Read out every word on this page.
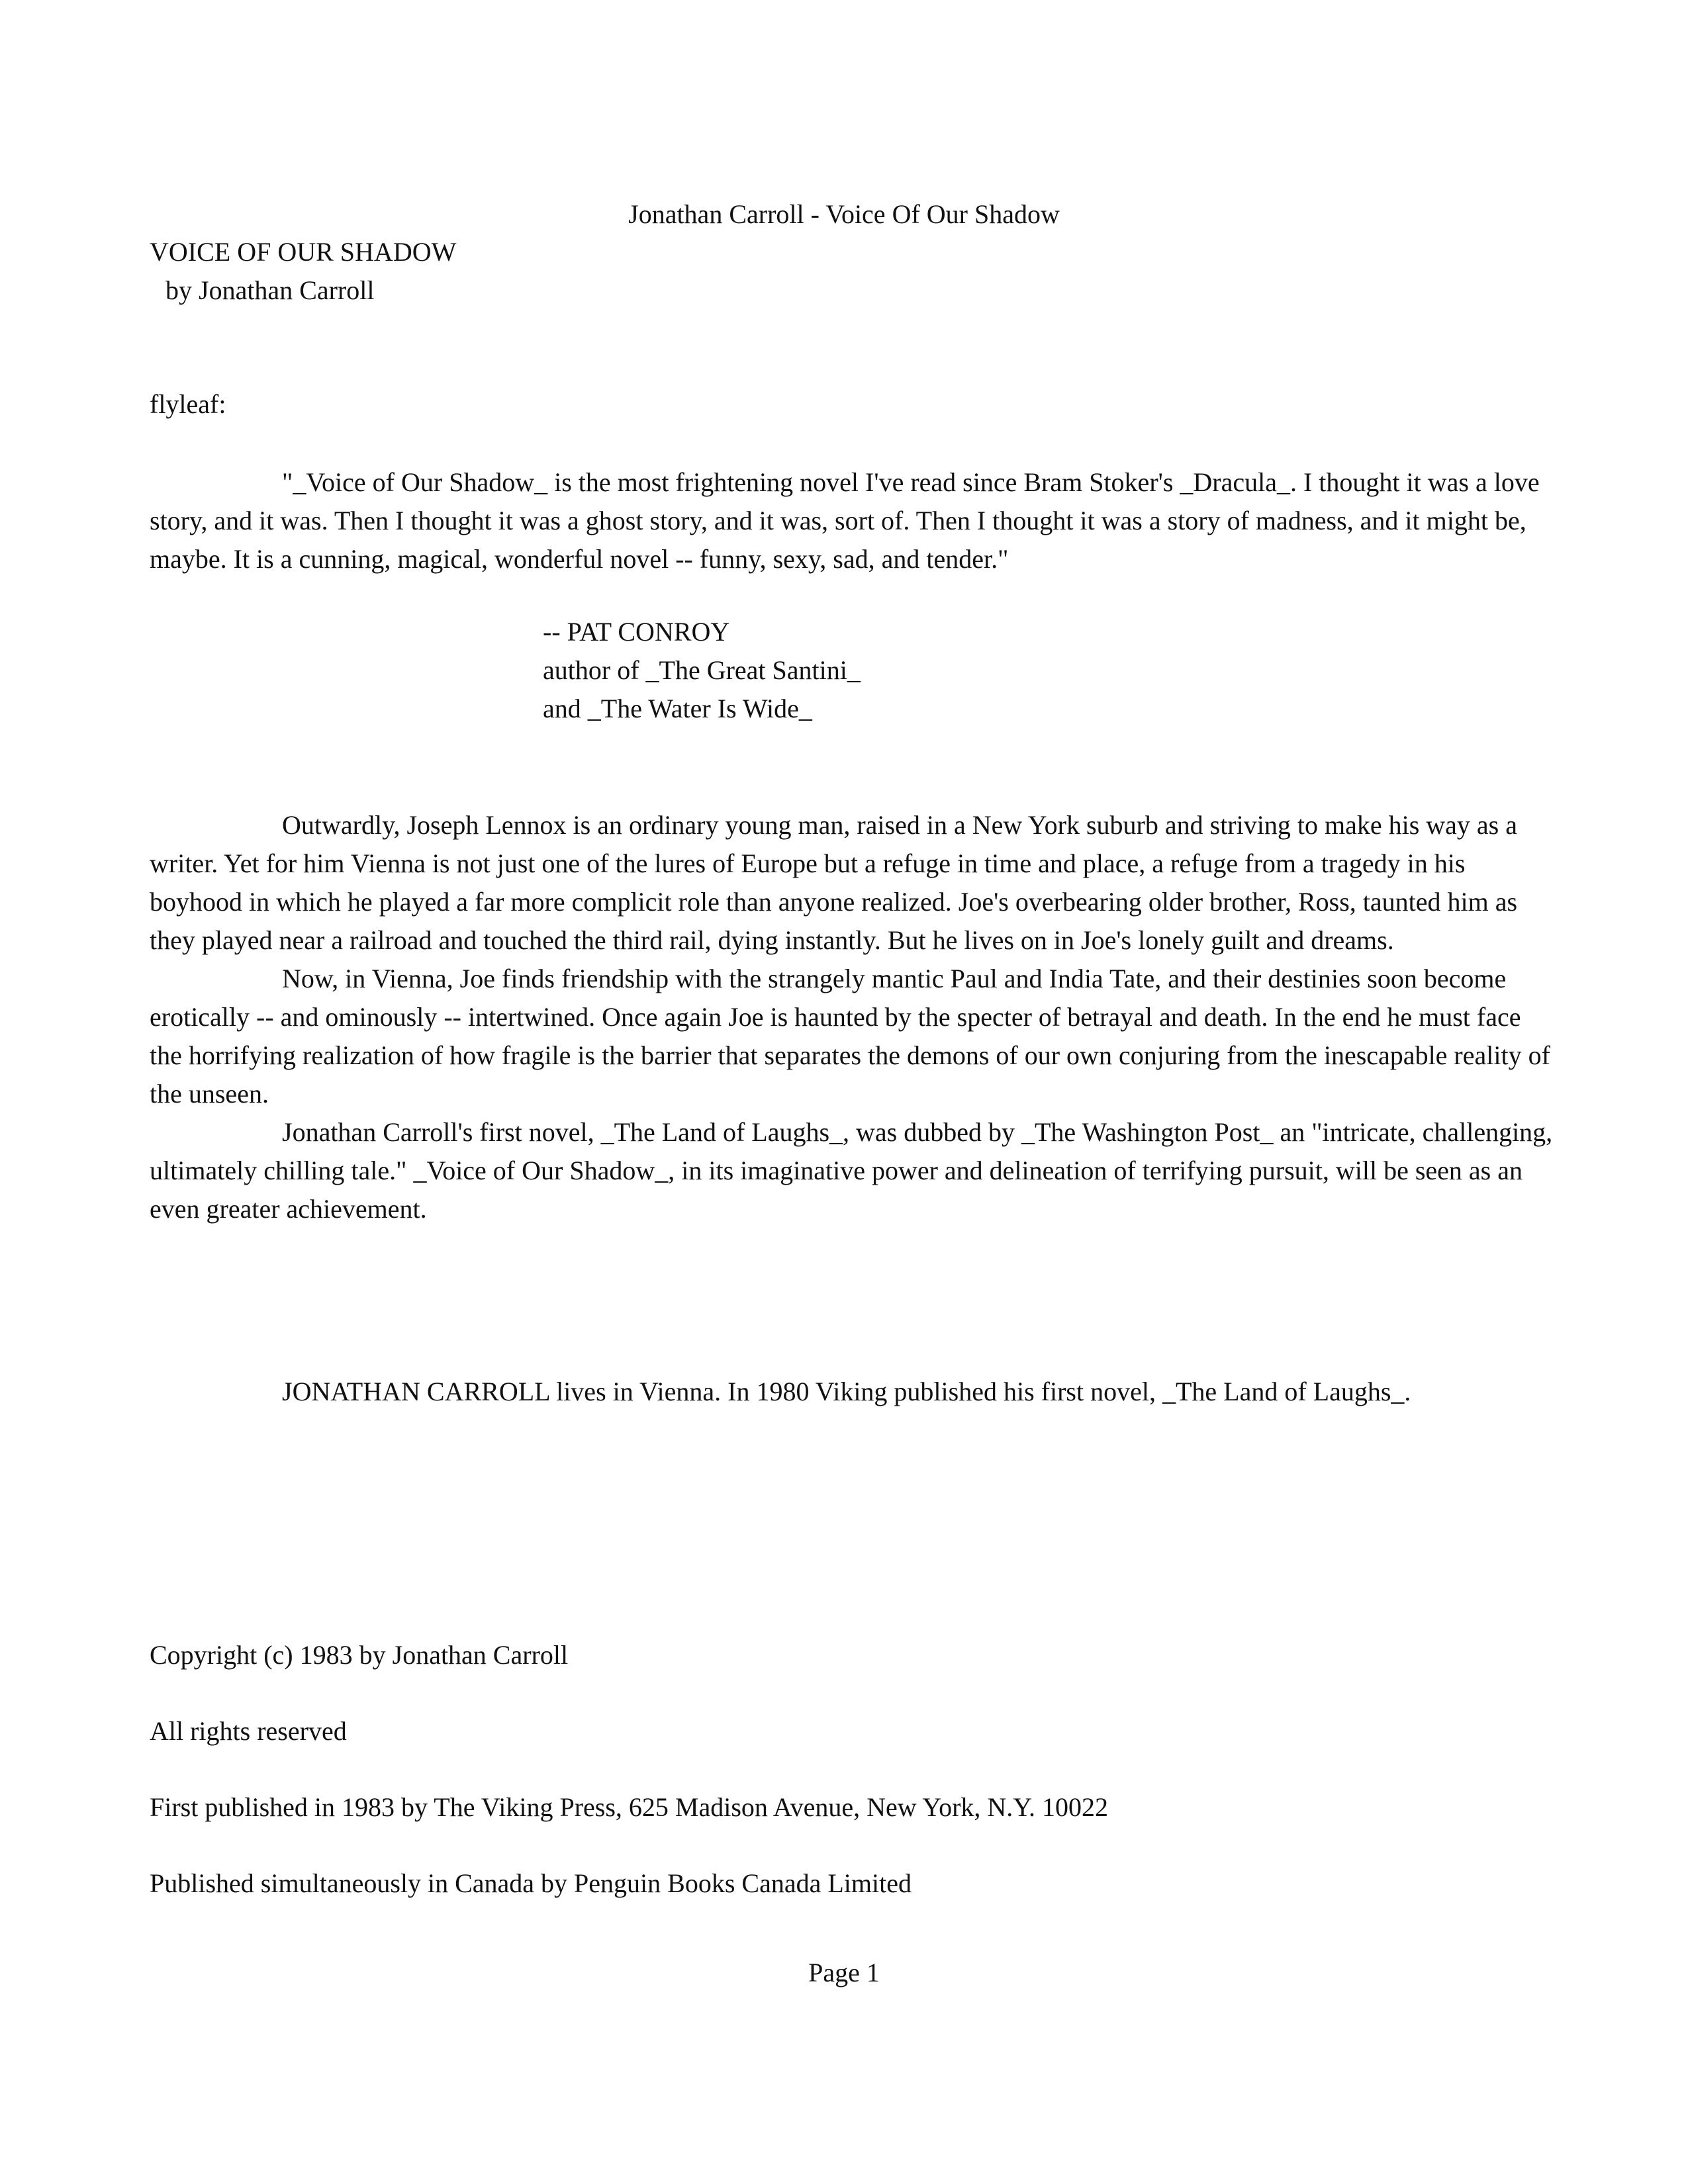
Jonathan Carroll - Voice Of Our Shadow

VOICE OF OUR SHADOW
by Jonathan Carroll

flyleaf:

"_Voice of Our Shadow_ is the most frightening novel I've read since Bram Stoker's _Dracula_. I thought it was a love story, and it was. Then I thought it was a ghost story, and it was, sort of. Then I thought it was a story of madness, and it might be, maybe. It is a cunning, magical, wonderful novel -- funny, sexy, sad, and tender."

-- PAT CONROY
author of _The Great Santini_
and _The Water Is Wide_

Outwardly, Joseph Lennox is an ordinary young man, raised in a New York suburb and striving to make his way as a writer. Yet for him Vienna is not just one of the lures of Europe but a refuge in time and place, a refuge from a tragedy in his boyhood in which he played a far more complicit role than anyone realized. Joe's overbearing older brother, Ross, taunted him as they played near a railroad and touched the third rail, dying instantly. But he lives on in Joe's lonely guilt and dreams.

Now, in Vienna, Joe finds friendship with the strangely mantic Paul and India Tate, and their destinies soon become erotically -- and ominously -- intertwined. Once again Joe is haunted by the specter of betrayal and death. In the end he must face the horrifying realization of how fragile is the barrier that separates the demons of our own conjuring from the inescapable reality of the unseen.

Jonathan Carroll's first novel, _The Land of Laughs_, was dubbed by _The Washington Post_ an "intricate, challenging, ultimately chilling tale." _Voice of Our Shadow_, in its imaginative power and delineation of terrifying pursuit, will be seen as an even greater achievement.

JONATHAN CARROLL lives in Vienna. In 1980 Viking published his first novel, _The Land of Laughs_.

Copyright (c) 1983 by Jonathan Carroll

All rights reserved

First published in 1983 by The Viking Press, 625 Madison Avenue, New York, N.Y. 10022

Published simultaneously in Canada by Penguin Books Canada Limited

Page 1
